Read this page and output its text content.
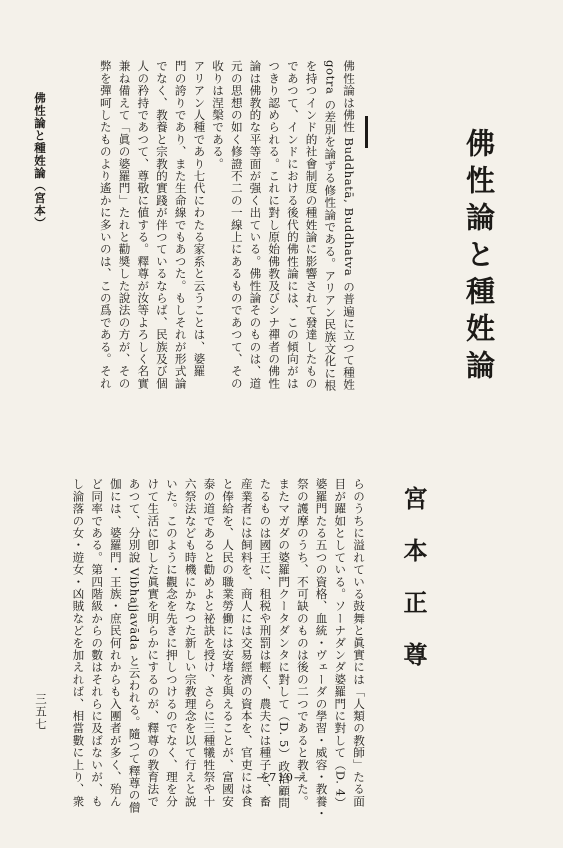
佛性論と種姓論
宮本正尊
佛性論は佛性 Buddhatā, Buddhatva の普遍に立つて種姓
gotra の差別を論ずる修性論である。アリアン民族文化に根
を持つインド的社會制度の種姓論に影響されて發達したもの
であつて、インドにおける後代的佛性論には、この傾向がは
つきり認められる。これに對し原始佛教及びシナ禪者の佛性
論は佛教的な平等面が强く出ている。佛性論そのものは、道
元の思想の如く修證不二の一線上にあるものであつて、その
收りは涅槃である。
アリアン人種であり七代にわたる家系と云うことは、婆羅
門の誇りであり、また生命線でもあつた。もしそれが形式論
でなく、教養と宗教的實踐が伴つているならば、民族及び個
人の矜持であつて、尊敬に値する。釋尊が汝等よろしく名實
兼ね備えて「眞の婆羅門」たれと勸奬した說法の方が、その
弊を彈呵したものより遙かに多いのは、この爲である。それ
らのうちに溢れている鼓舞と眞實には「人類の教師」たる面
目が躍如としている。ソーナダンダ婆羅門に對して（D. 4）
婆羅門たる五つの資格、血統・ヴェーダの學習・威容・教養・
祭の護摩のうち、不可缺のものは後の二つであると教えた。
またマガダの婆羅門クータダンタに對して（D. 5）政治顧問
たるものは國王に、租税や刑罰は輕く、農夫には種子を、畜
産業者には飼料を、商人には交易經濟の資本を、官吏には食
と俸給を、人民の職業勞働には安堵を與えることが、富國安
泰の道であると勸めよと祕訣を授け、さらに三種犧牲祭や十
六祭法なども時機にかなつた新しい宗教理念を以て行えと說
いた。このように觀念を先きに押しつけるのでなく、理を分
けて生活に卽した眞實を明らかにするのが、釋尊の教育法で
あつて、分別說 Vibhajjavāda と云われる。隨つて釋尊の僧
伽には、婆羅門・王族・庶民何れからも入團者が多く、殆ん
ど同率である。第四階級からの數はそれらに及ばないが、も
し淪落の女・遊女・凶賊などを加えれば、相當數に上り、衆
佛性論と種姓論（宮本）
三五七
—710—
